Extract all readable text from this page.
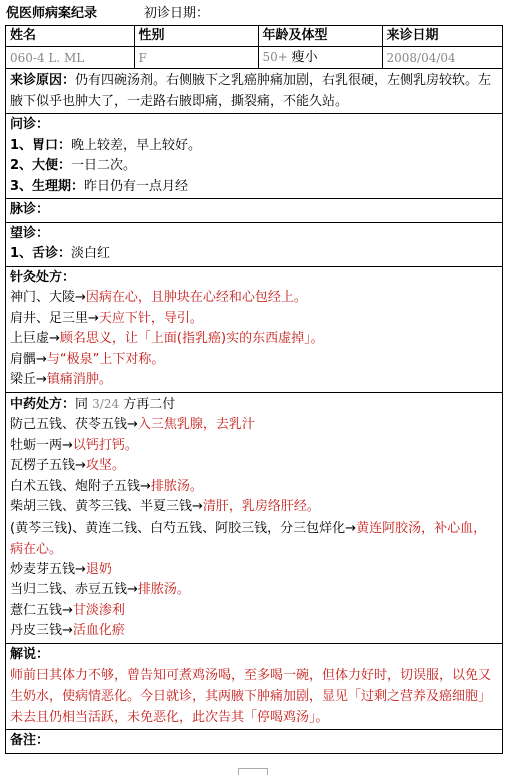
倪医师病案纪录	初诊日期：
姓名	性别	年龄及体型	来诊日期
060-4 L. ML	F	50+ 瘦小	2008/04/04
来诊原因：仍有四碗汤剂。右侧腋下之乳癌肿痛加剧，右乳很硬，左侧乳房较软。左腋下似乎也肿大了，一走路右腋即痛，撕裂痛，不能久站。
问诊：
1、胃口：晚上较差，早上较好。
2、大便：一日二次。
3、生理期：昨日仍有一点月经
脉诊：
望诊：
1、舌诊：淡白红
针灸处方：
神门、大陵→因病在心，且肿块在心经和心包经上。
肩井、足三里→天应下针，导引。
上巨虚→顾名思义，让「上面(指乳癌)实的东西虚掉」。
肩髃→与“极泉”上下对称。
梁丘→镇痛消肿。
中药处方：同 3/24 方再二付
防己五钱、茯苓五钱→入三焦乳腺，去乳汁
牡蛎一两→以钙打钙。
瓦楞子五钱→攻坚。
白术五钱、炮附子五钱→排脓汤。
柴胡三钱、黄芩三钱、半夏三钱→清肝，乳房络肝经。
(黄芩三钱)、黄连二钱、白芍五钱、阿胶三钱，分三包烊化→黄连阿胶汤，补心血，病在心。
炒麦芽五钱→退奶
当归二钱、赤豆五钱→排脓汤。
薏仁五钱→甘淡渗利
丹皮三钱→活血化瘀
解说：
师前曰其体力不够，曾告知可煮鸡汤喝，至多喝一碗，但体力好时，切误服，以免又生奶水，使病情恶化。今日就诊，其两腋下肿痛加剧，显见「过剩之营养及癌细胞」未去且仍相当活跃，未免恶化，此次告其「停喝鸡汤」。
备注：
